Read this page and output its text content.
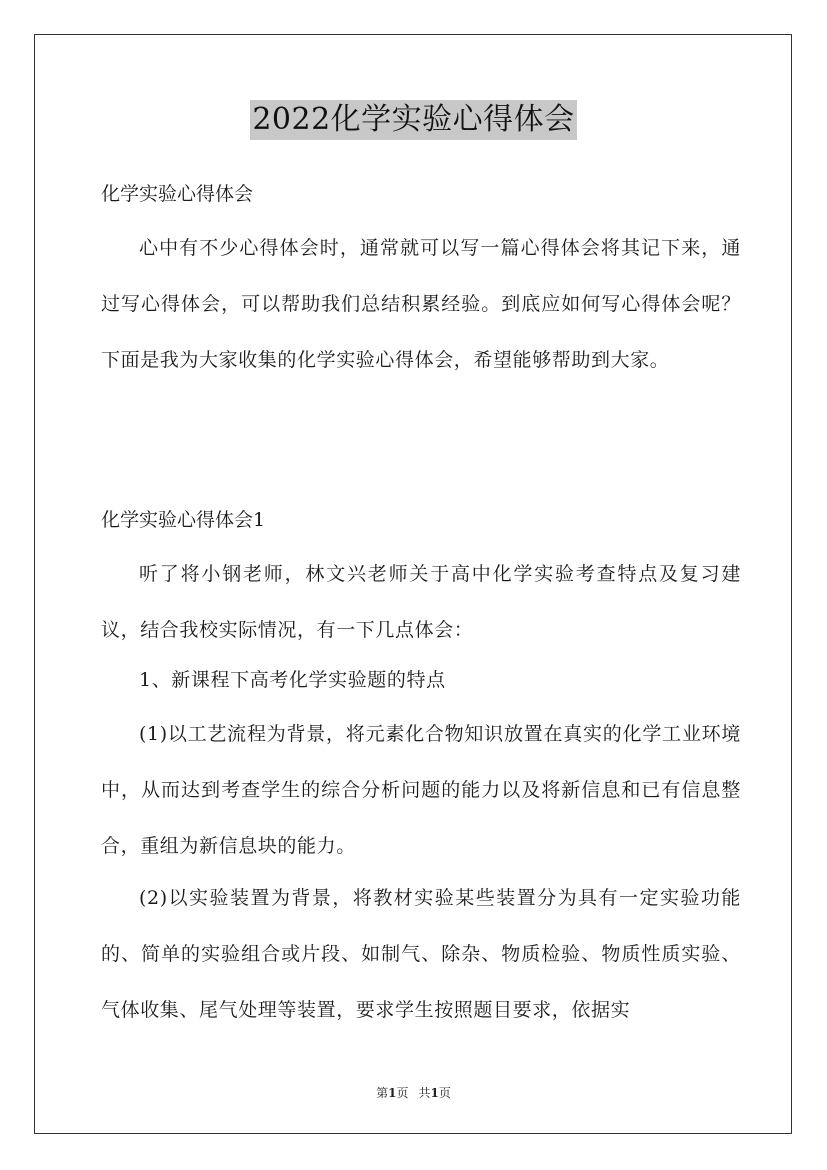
2022化学实验心得体会
化学实验心得体会

心中有不少心得体会时，通常就可以写一篇心得体会将其记下来，通过写心得体会，可以帮助我们总结积累经验。到底应如何写心得体会呢？下面是我为大家收集的化学实验心得体会，希望能够帮助到大家。

化学实验心得体会1

听了将小钢老师，林文兴老师关于高中化学实验考查特点及复习建议，结合我校实际情况，有一下几点体会：

1、新课程下高考化学实验题的特点

(1)以工艺流程为背景，将元素化合物知识放置在真实的化学工业环境中，从而达到考查学生的综合分析问题的能力以及将新信息和已有信息整合，重组为新信息块的能力。

(2)以实验装置为背景，将教材实验某些装置分为具有一定实验功能的、简单的实验组合或片段、如制气、除杂、物质检验、物质性质实验、气体收集、尾气处理等装置，要求学生按照题目要求，依据实

第1页 共1页
